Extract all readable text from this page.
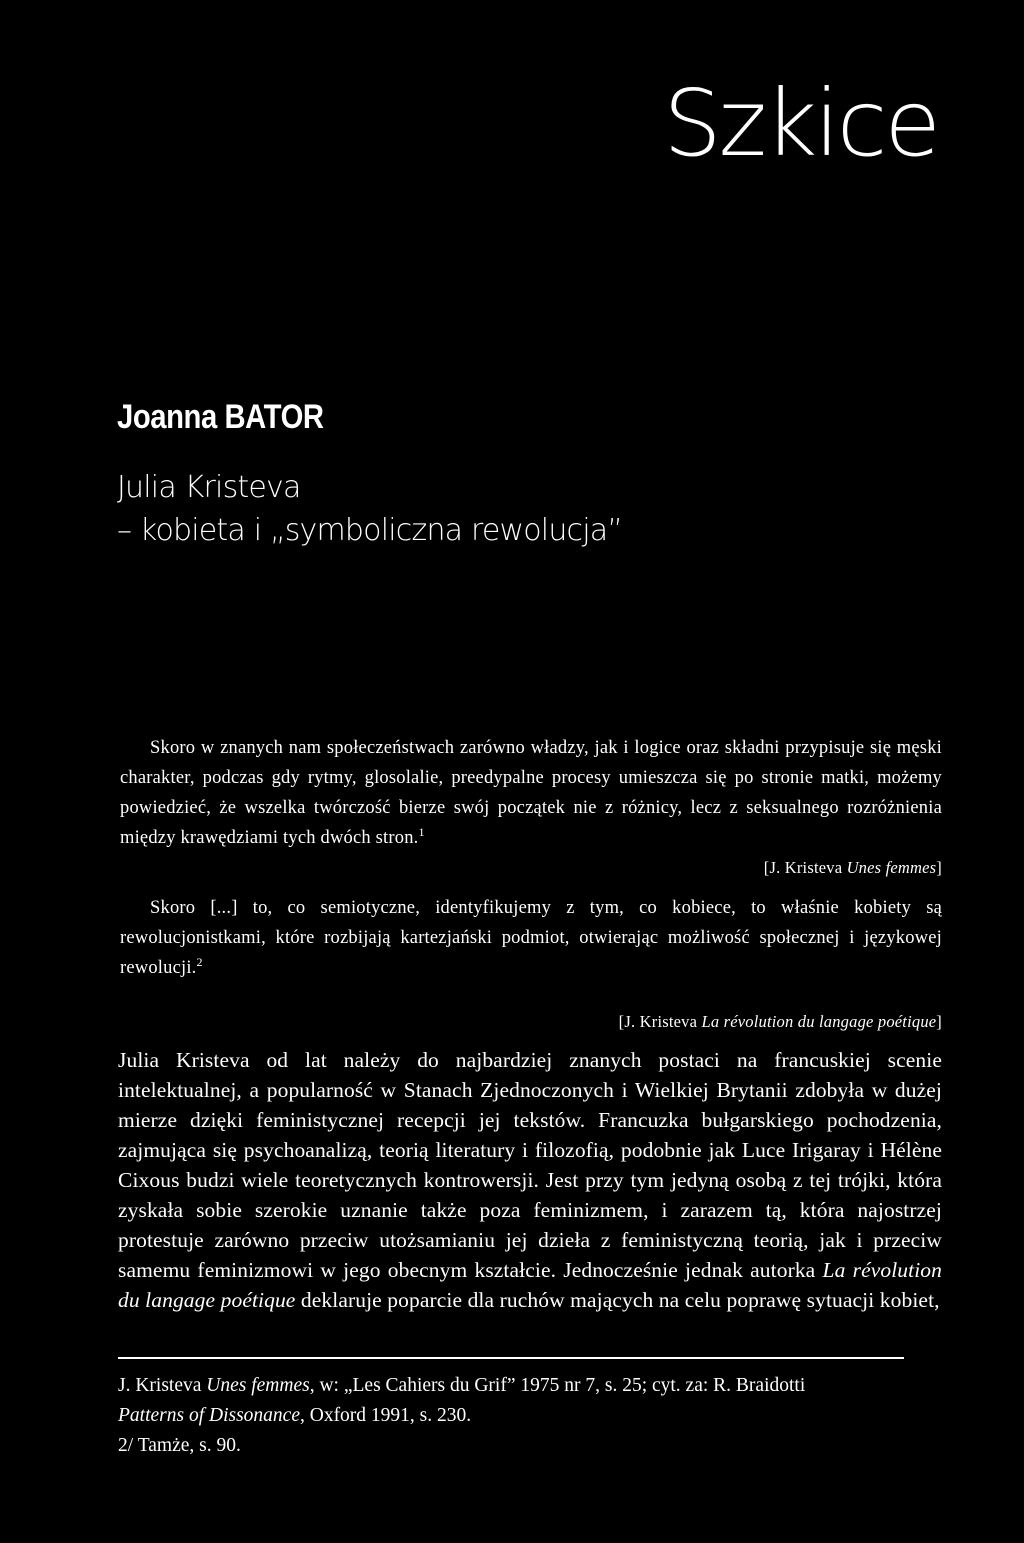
Szkice
Joanna BATOR
Julia Kristeva
– kobieta i „symboliczna rewolucja”

Skoro w znanych nam społeczeństwach zarówno władzy, jak i logice oraz składni przypisuje się męski charakter, podczas gdy rytmy, glosolalie, preedypalne procesy umieszcza się po stronie matki, możemy powiedzieć, że wszelka twórczość bierze swój początek nie z różnicy, lecz z seksualnego rozróżnienia między krawędziami tych dwóch stron.$^1$

[J. Kristeva Unes femmes]

Skoro [...] to, co semiotyczne, identyfikujemy z tym, co kobiece, to właśnie kobiety są rewolucjonistkami, które rozbijają kartezjański podmiot, otwierając możliwość społecznej i językowej rewolucji.$^2$

[J. Kristeva La révolution du langage poétique]

Julia Kristeva od lat należy do najbardziej znanych postaci na francuskiej scenie intelektualnej, a popularność w Stanach Zjednoczonych i Wielkiej Brytanii zdobyła w dużej mierze dzięki feministycznej recepcji jej tekstów. Francuzka bułgarskiego pochodzenia, zajmująca się psychoanalizą, teorią literatury i filozofią, podobnie jak Luce Irigaray i Hélène Cixous budzi wiele teoretycznych kontrowersji. Jest przy tym jedyną osobą z tej trójki, która zyskała sobie szerokie uznanie także poza feminizmem, i zarazem tą, która najostrzej protestuje zarówno przeciw utożsamianiu jej dzieła z feministyczną teorią, jak i przeciw samemu feminizmowi w jego obecnym kształcie. Jednocześnie jednak autorka La révolution du langage poétique deklaruje poparcie dla ruchów mających na celu poprawę sytuacji kobiet,

J. Kristeva Unes femmes, w: „Les Cahiers du Grif” 1975 nr 7, s. 25; cyt. za: R. Braidotti
Patterns of Dissonance, Oxford 1991, s. 230.
2/ Tamże, s. 90.
